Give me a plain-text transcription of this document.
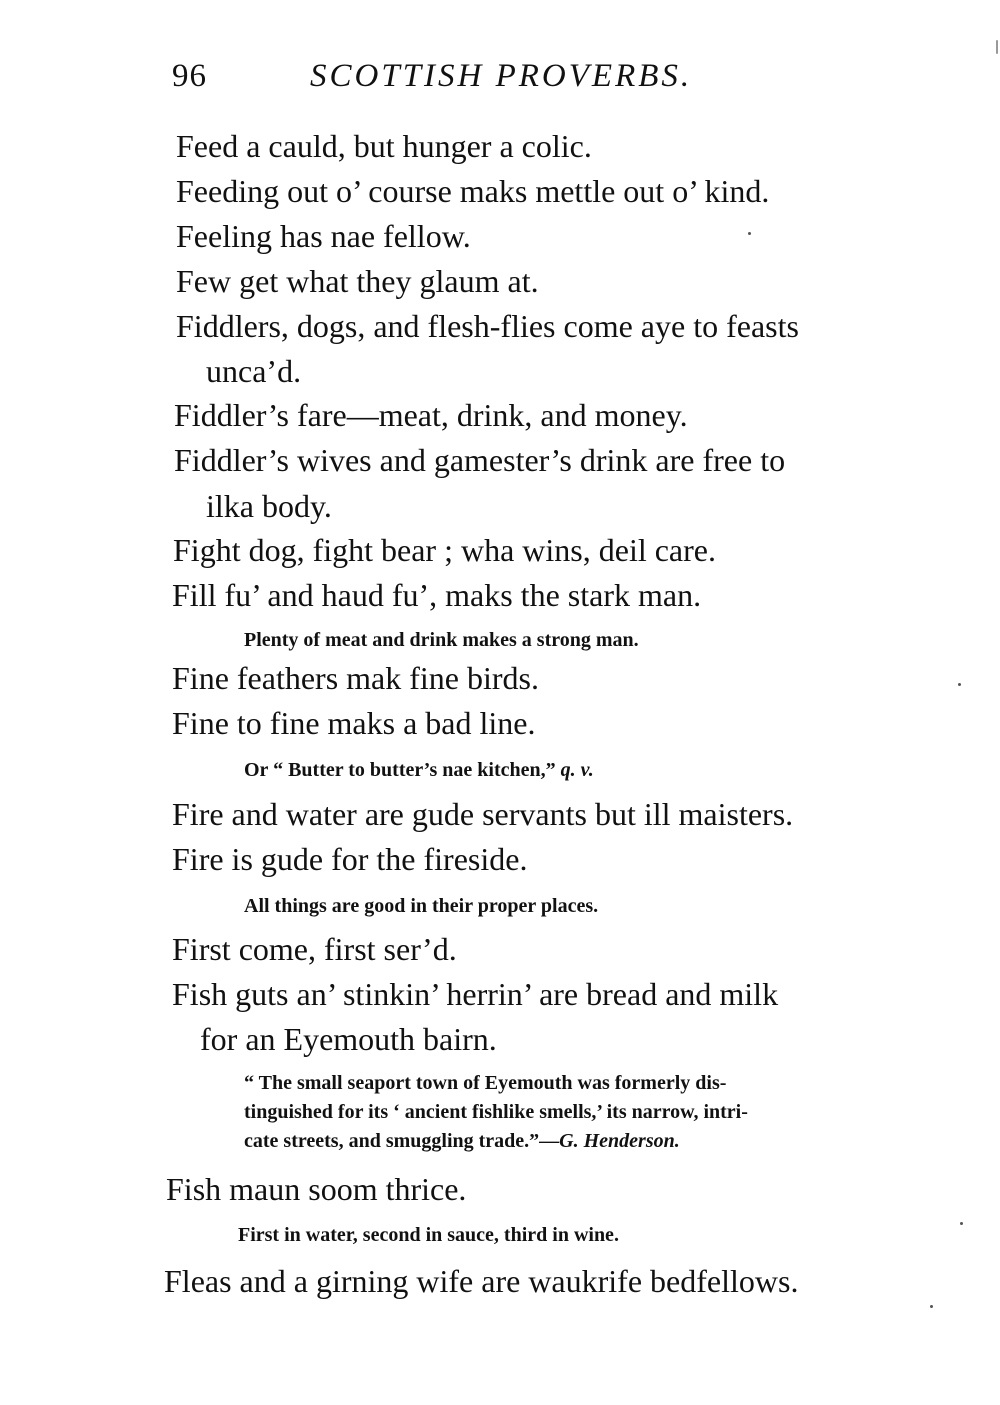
96	SCOTTISH PROVERBS.
Feed a cauld, but hunger a colic.
Feeding out o’ course maks mettle out o’ kind.
Feeling has nae fellow.
Few get what they glaum at.
Fiddlers, dogs, and flesh-flies come aye to feasts
unca’d.
Fiddler’s fare—meat, drink, and money.
Fiddler’s wives and gamester’s drink are free to
ilka body.
Fight dog, fight bear ; wha wins, deil care.
Fill fu’ and haud fu’, maks the stark man.
Plenty of meat and drink makes a strong man.
Fine feathers mak fine birds.
Fine to fine maks a bad line.
Or “ Butter to butter’s nae kitchen,” q. v.
Fire and water are gude servants but ill maisters.
Fire is gude for the fireside.
All things are good in their proper places.
First come, first ser’d.
Fish guts an’ stinkin’ herrin’ are bread and milk
for an Eyemouth bairn.
“ The small seaport town of Eyemouth was formerly dis-
tinguished for its ‘ ancient fishlike smells,’ its narrow, intri-
cate streets, and smuggling trade.”—G. Henderson.
Fish maun soom thrice.
First in water, second in sauce, third in wine.
Fleas and a girning wife are waukrife bedfellows.
